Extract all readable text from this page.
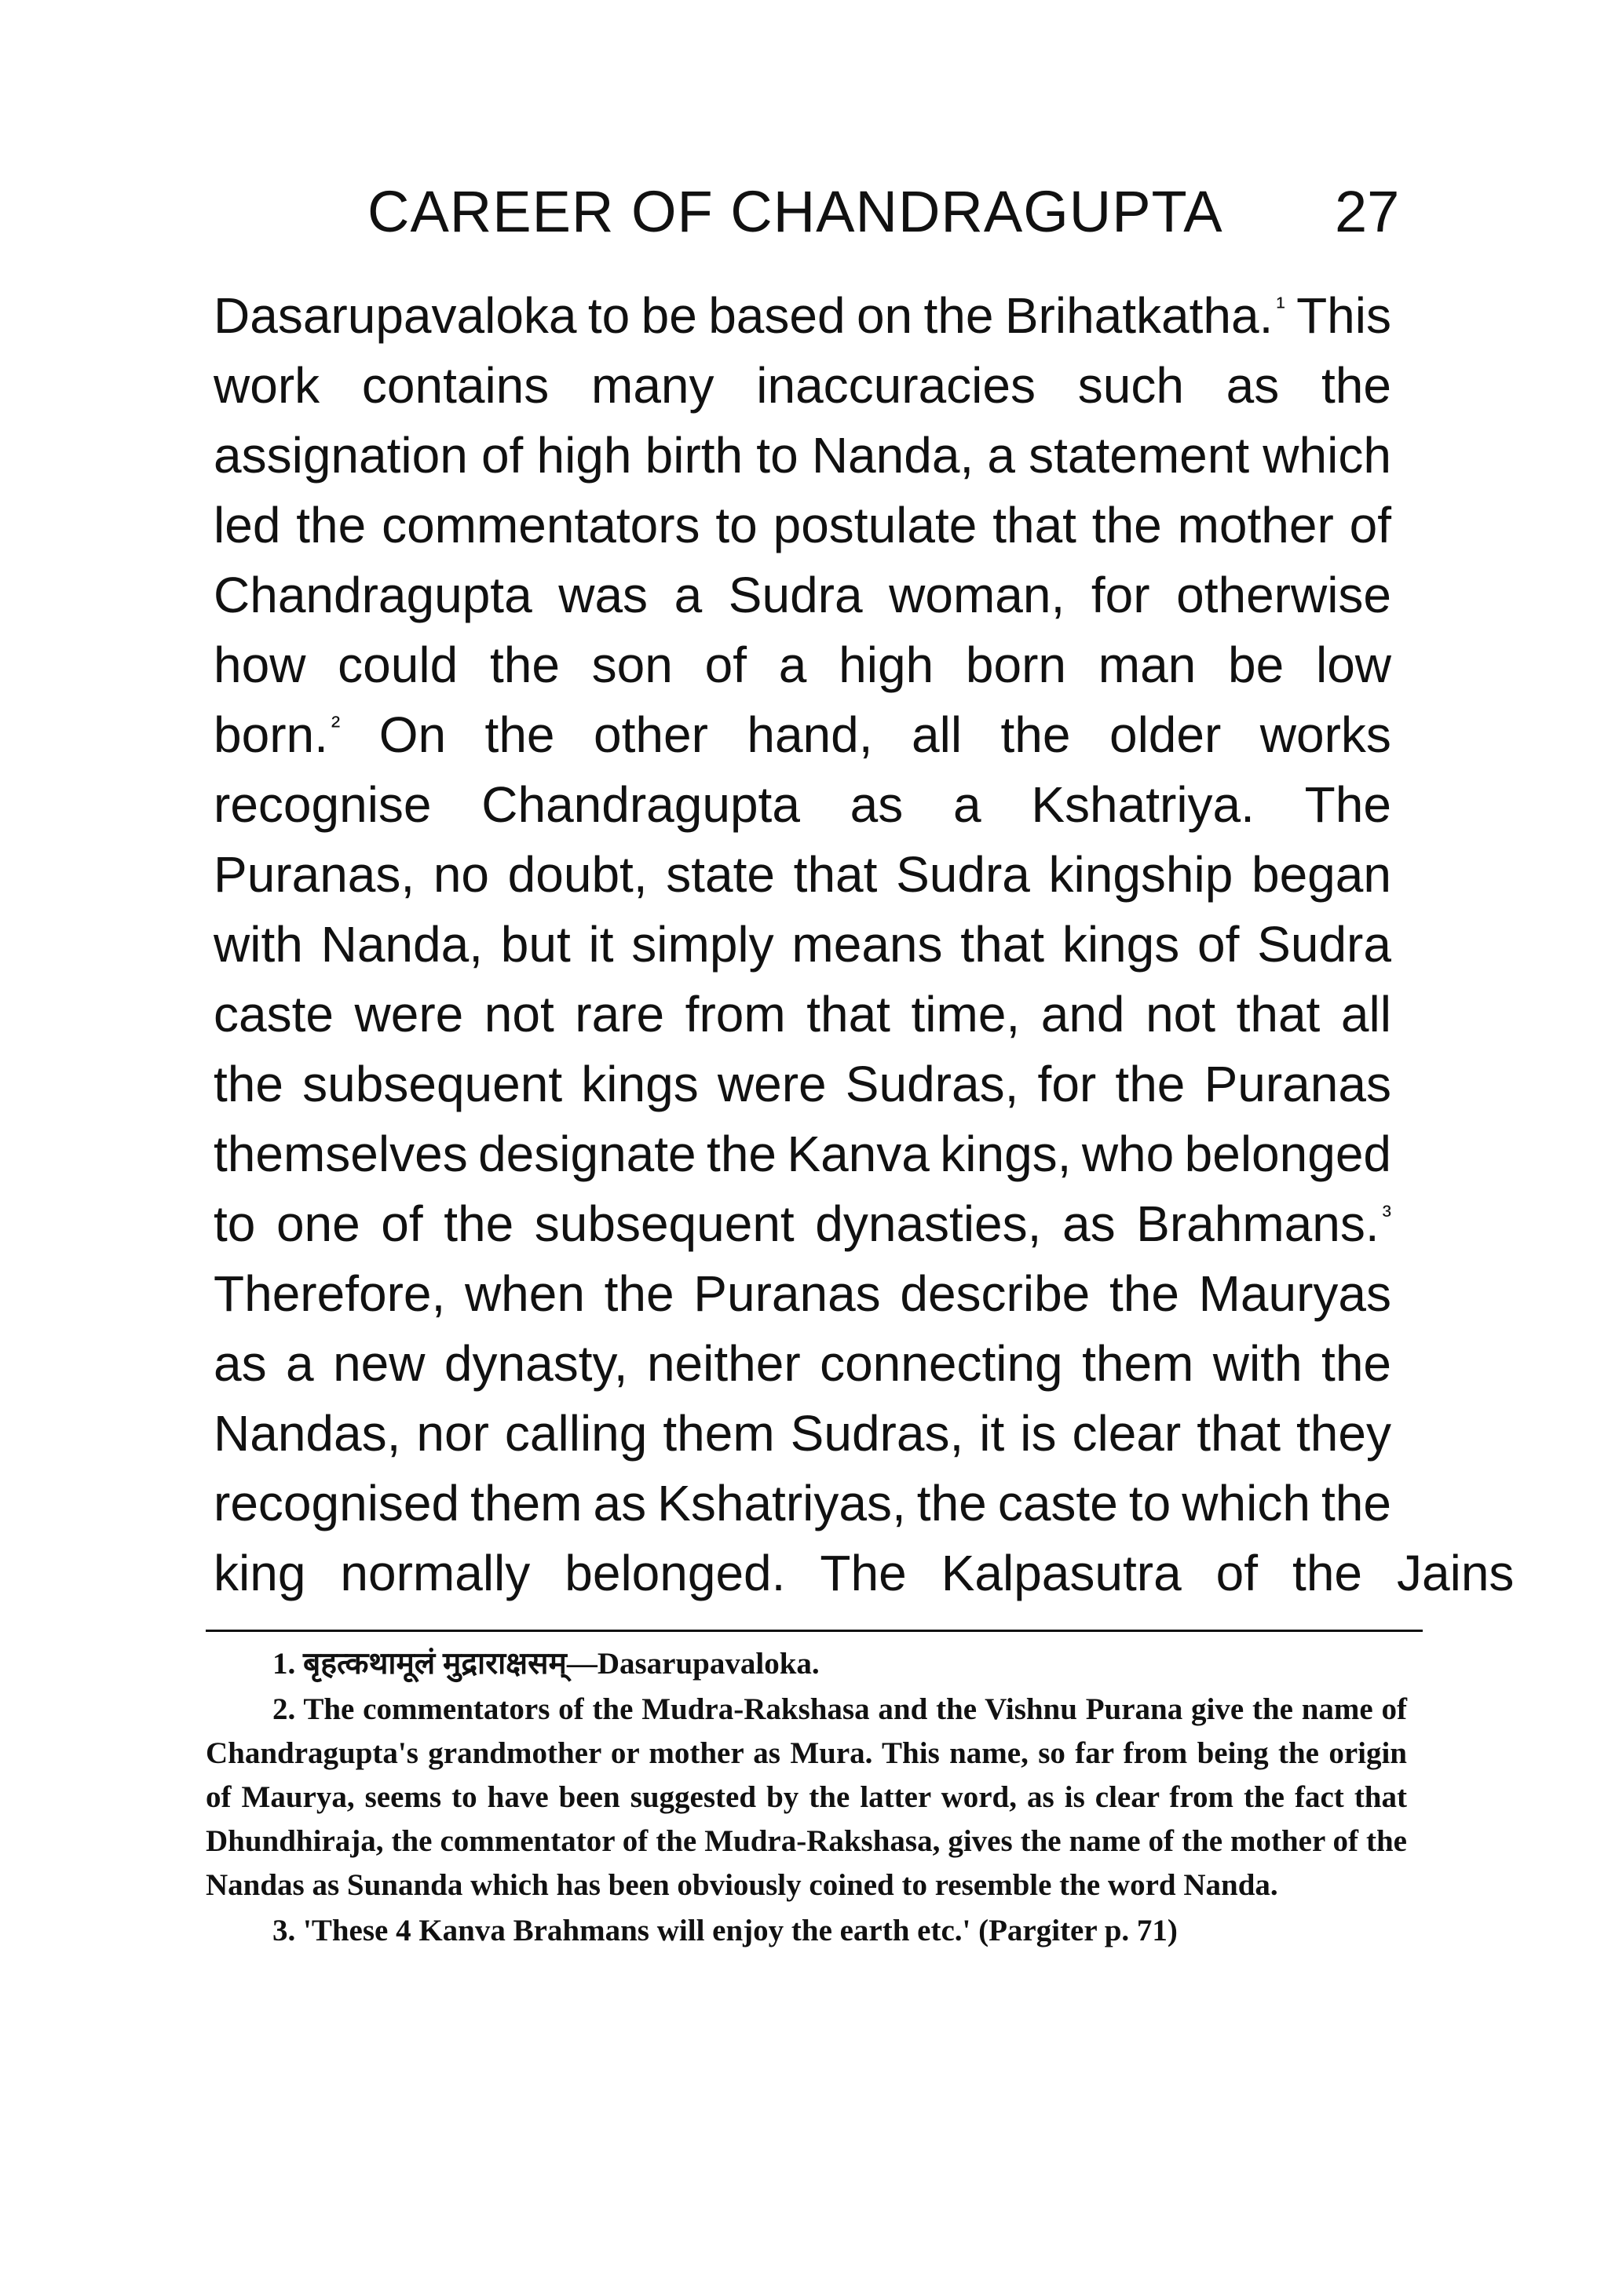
CAREER OF CHANDRAGUPTA 27
Dasarupavaloka to be based on the Brihatkatha. $^{^1}$ This
work contains many inaccuracies such as the
assignation of high birth to Nanda, a statement which
led the commentators to postulate that the mother of
Chandragupta was a Sudra woman, for otherwise
how could the son of a high born man be low
born. $^{^2}$ On the other hand, all the older works
recognise Chandragupta as a Kshatriya. The
Puranas, no doubt, state that Sudra kingship began
with Nanda, but it simply means that kings of Sudra
caste were not rare from that time, and not that all
the subsequent kings were Sudras, for the Puranas
themselves designate the Kanva kings, who belonged
to one of the subsequent dynasties, as Brahmans. $^{^3}$
Therefore, when the Puranas describe the Mauryas
as a new dynasty, neither connecting them with the
Nandas, nor calling them Sudras, it is clear that they
recognised them as Kshatriyas, the caste to which the
king normally belonged. The Kalpasutra of the Jains

1. बृहत्कथामूलं मुद्राराक्षसम्—Dasarupavaloka.

2. The commentators of the Mudra-Rakshasa and the Vishnu Purana give the name of Chandragupta's grandmother or mother as Mura. This name, so far from being the origin of Maurya, seems to have been suggested by the latter word, as is clear from the fact that Dhundhiraja, the commentator of the Mudra-Rakshasa, gives the name of the mother of the Nandas as Sunanda which has been obviously coined to resemble the word Nanda.

3. 'These 4 Kanva Brahmans will enjoy the earth etc.' (Pargiter p. 71)
